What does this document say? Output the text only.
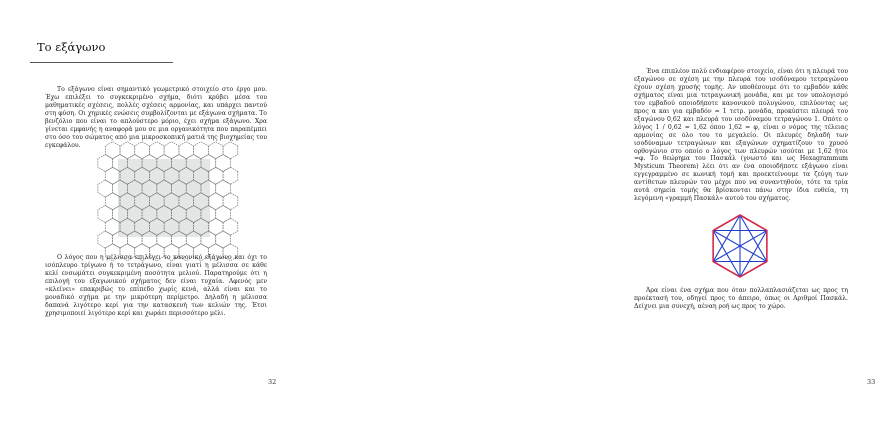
Το εξάγωνο

Το εξάγωνο είναι σημαντικό γεωμετρικό στοιχείο στο έργο μου. Έχω επιλέξει το συγκεκριμένο σχήμα, διότι κρύβει μέσα του μαθηματικές σχέσεις, πολλές σχέσεις αρμονίας, και υπάρχει παντού στη φύση. Οι χημικές ενώσεις συμβολίζονται με εξάγωνα σχήματα. Το βενζόλιο που είναι το απλούστερο μόριο, έχει σχήμα εξάγωνο. Χρα γίνεται εμφανής η αναφορά μου σε μια οργανικότητα που παραπέμπει στο όσο του σώματος από μια μικροσκοπική ματιά της βιοχημείας του εγκεφάλου.

Ο λόγος που η μέλισσα επιλέγει το κανονικό εξάγωνο και όχι το ισόπλευρο τρίγωνο ή το τετράγωνο, είναι γιατί η μέλισσα σε κάθε κελί ενσωμάτει συγκεκριμένη ποσότητα μελιού. Παρατηρούμε ότι η επιλογή του εξαγωνικού σχήματος δεν είναι τυχαία. Αφενός μεν «κλείνει» επακριβώς το επίπεδο χωρίς κενά, αλλά είναι και το μοναδικό σχήμα με την μικρότερη περίμετρο. Δηλαδή η μέλισσα δαπανά λιγότερο κερί για την κατασκευή των κελιών της. Έτσι χρησιμοποιεί λιγότερο κερί και χωράει περισσότερο μέλι.

32

Ένα επιπλέον πολύ ενδιαφέρον στοιχείο, είναι ότι η πλευρά του εξαγώνου σε σχέση με την πλευρά του ισοδύναμου τετραγώνου έχουν σχέση χρυσής τομής. Αν υποθέσουμε ότι το εμβαδόν κάθε σχήματος είναι μια τετραγωνική μονάδα, και με τον υπολογισμό του εμβαδού οποιοδήποτε κανονικού πολυγώνου, επιλύοντας ως προς α και για εμβαδόν = 1 τετρ. μονάδα, προκύπτει πλευρά του εξαγώνου 0,62 και πλευρά του ισοδύναμου τετραγώνου 1. Οπότε ο λόγος 1 / 0,62 = 1,62 όπου 1,62 = φ, είναι ο νόμος της τέλειας αρμονίας σε όλο του το μεγαλείο. Οι πλευρές δηλαδή των ισοδύναμων τετραγώνων και εξαγώνων σχηματίζουν το χρυσό ορθογώνιο στο οποίο ο λόγος των πλευρών ισούται με 1,62 ήτοι =φ. Το θεώρημα του Πασκάλ (γνωστό και ως Hexagrammum Mysticum Theorem) λέει ότι αν ένα οποιοδήποτε εξάγωνο είναι εγγεγραμμένο σε κωνική τομή και προεκτείνουμε τα ζεύγη των αντίθετων πλευρών του μέχρι που να συναντηθούν, τότε τα τρία αυτά σημεία τομής θα βρίσκονται πάνω στην ίδια ευθεία, τη λεγόμενη «γραμμή Πασκάλ» αυτού του σχήματος.

Άρα είναι ένα σχήμα που όταν πολλαπλασιάζεται ως προς τη προέκτασή του, οδηγεί προς το άπειρο, όπως οι Αριθμοί Πασκάλ. Δείχνει μια συνεχή, αέναη ροή ως προς το χώρο.

33
